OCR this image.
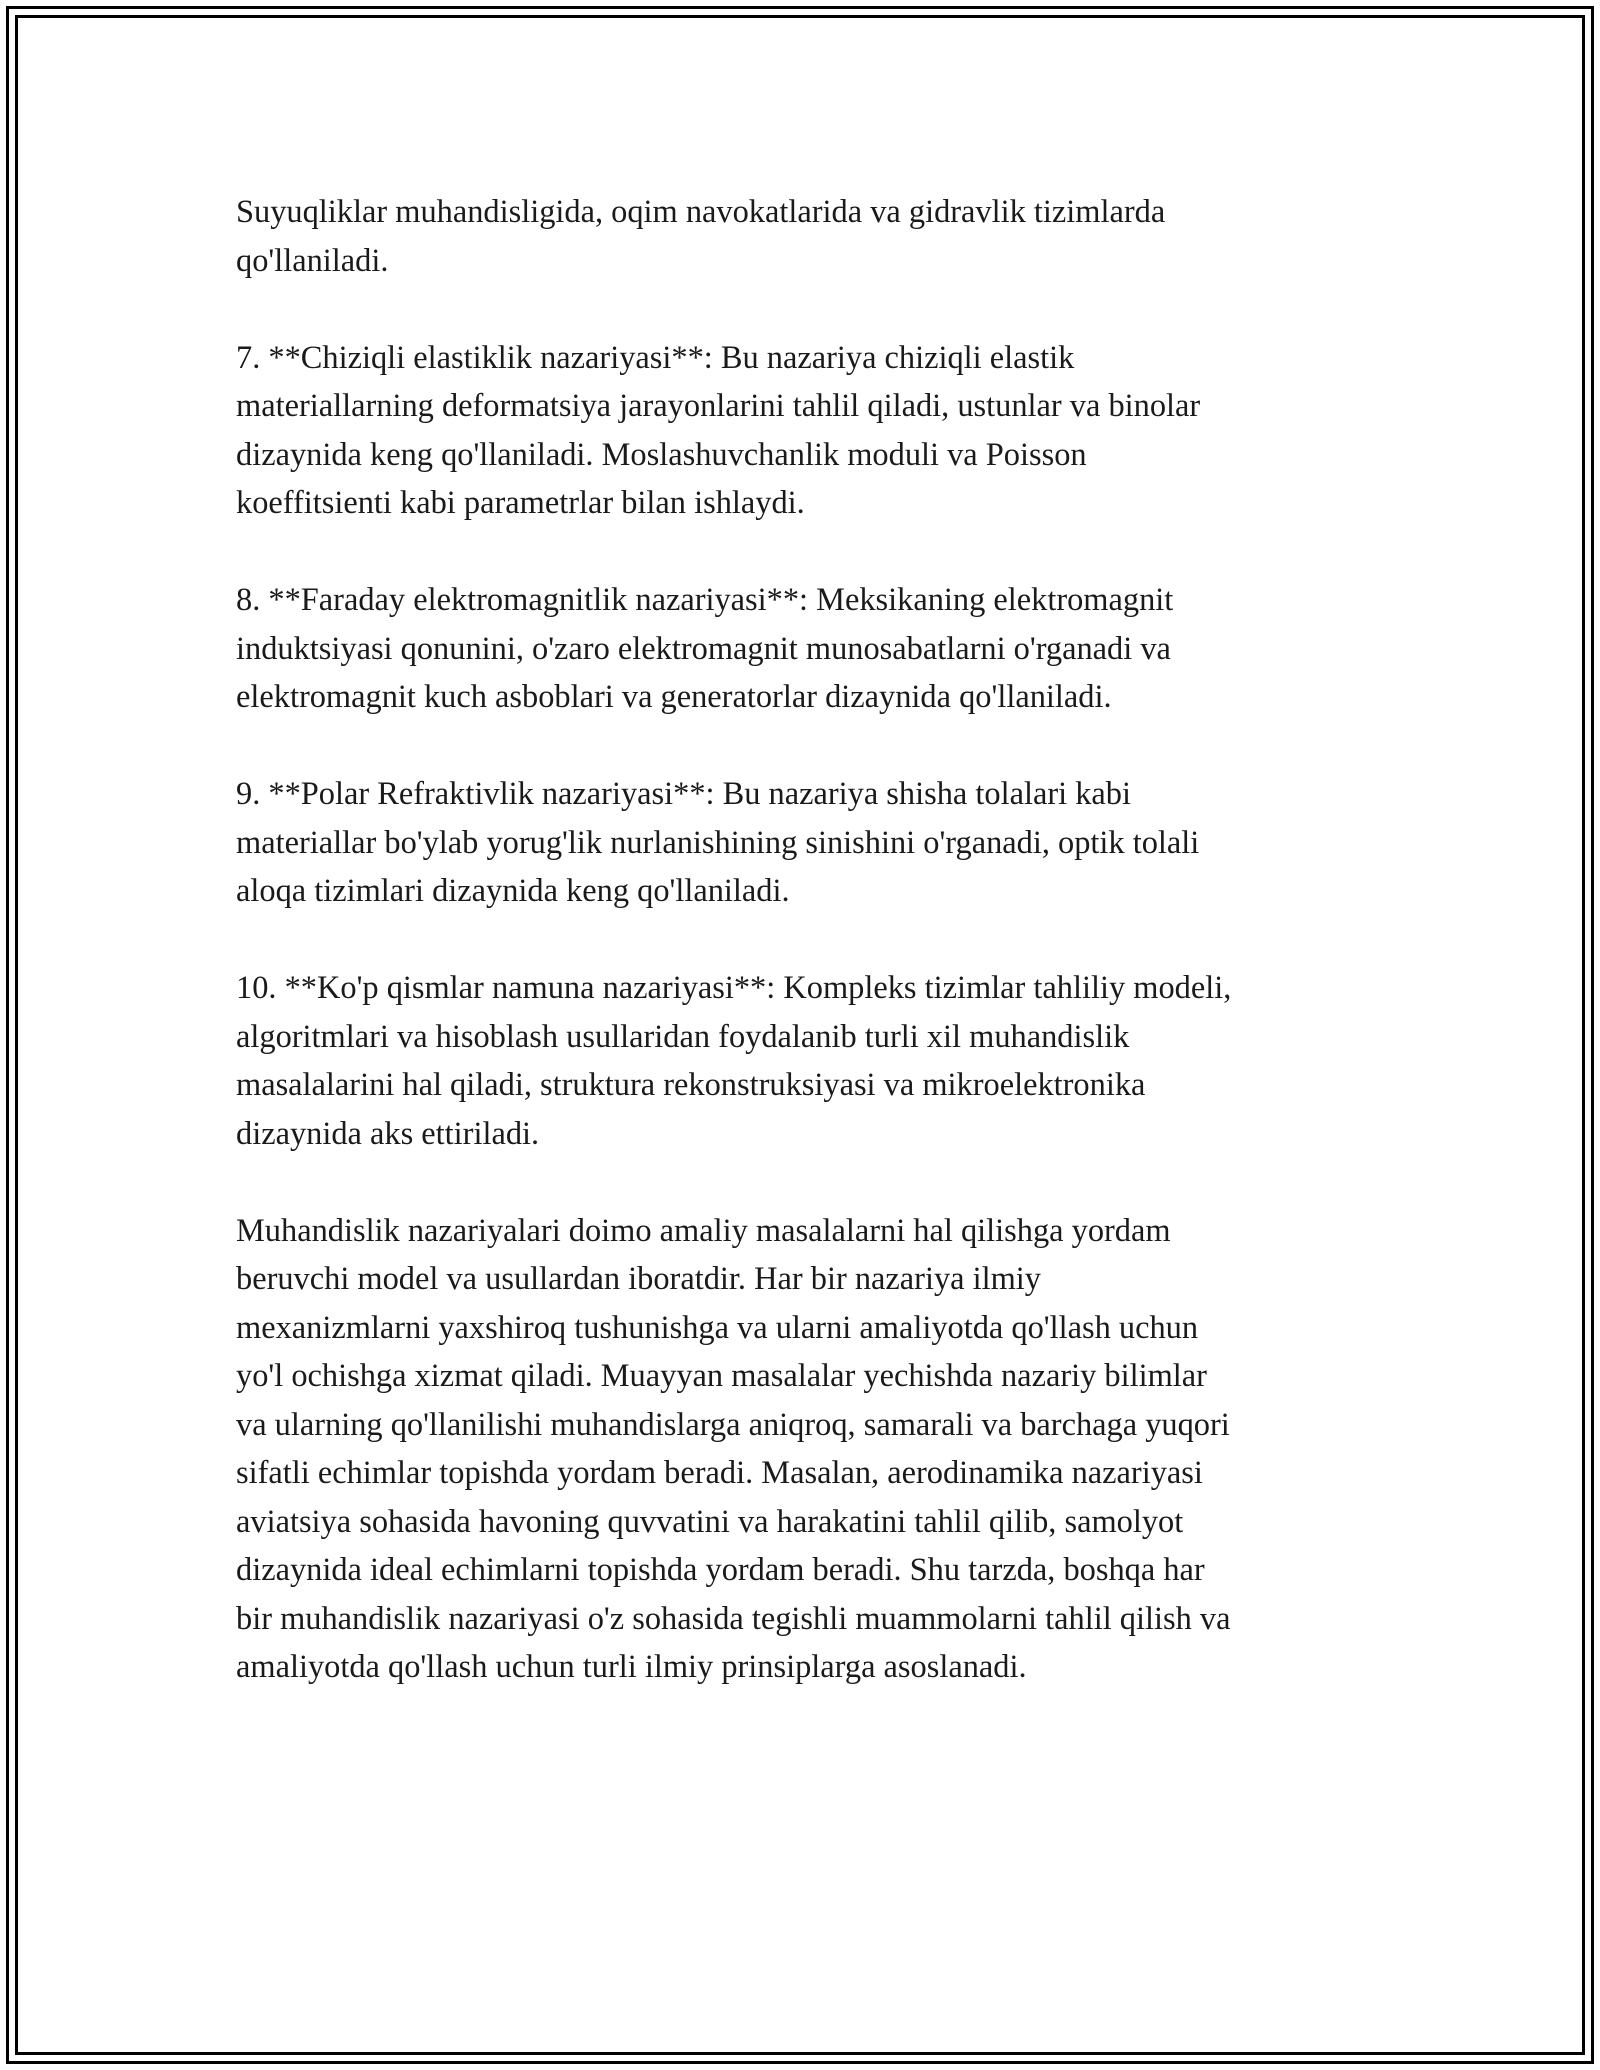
Suyuqliklar muhandisligida, oqim navokatlarida va gidravlik tizimlarda
qo'llaniladi.

7. **Chiziqli elastiklik nazariyasi**: Bu nazariya chiziqli elastik
materiallarning deformatsiya jarayonlarini tahlil qiladi, ustunlar va binolar
dizaynida keng qo'llaniladi. Moslashuvchanlik moduli va Poisson
koeffitsienti kabi parametrlar bilan ishlaydi.

8. **Faraday elektromagnitlik nazariyasi**: Meksikaning elektromagnit
induktsiyasi qonunini, o'zaro elektromagnit munosabatlarni o'rganadi va
elektromagnit kuch asboblari va generatorlar dizaynida qo'llaniladi.

9. **Polar Refraktivlik nazariyasi**: Bu nazariya shisha tolalari kabi
materiallar bo'ylab yorug'lik nurlanishining sinishini o'rganadi, optik tolali
aloqa tizimlari dizaynida keng qo'llaniladi.

10. **Ko'p qismlar namuna nazariyasi**: Kompleks tizimlar tahliliy modeli,
algoritmlari va hisoblash usullaridan foydalanib turli xil muhandislik
masalalarini hal qiladi, struktura rekonstruksiyasi va mikroelektronika
dizaynida aks ettiriladi.

Muhandislik nazariyalari doimo amaliy masalalarni hal qilishga yordam
beruvchi model va usullardan iboratdir. Har bir nazariya ilmiy
mexanizmlarni yaxshiroq tushunishga va ularni amaliyotda qo'llash uchun
yo'l ochishga xizmat qiladi. Muayyan masalalar yechishda nazariy bilimlar
va ularning qo'llanilishi muhandislarga aniqroq, samarali va barchaga yuqori
sifatli echimlar topishda yordam beradi. Masalan, aerodinamika nazariyasi
aviatsiya sohasida havoning quvvatini va harakatini tahlil qilib, samolyot
dizaynida ideal echimlarni topishda yordam beradi. Shu tarzda, boshqa har
bir muhandislik nazariyasi o'z sohasida tegishli muammolarni tahlil qilish va
amaliyotda qo'llash uchun turli ilmiy prinsiplarga asoslanadi.
